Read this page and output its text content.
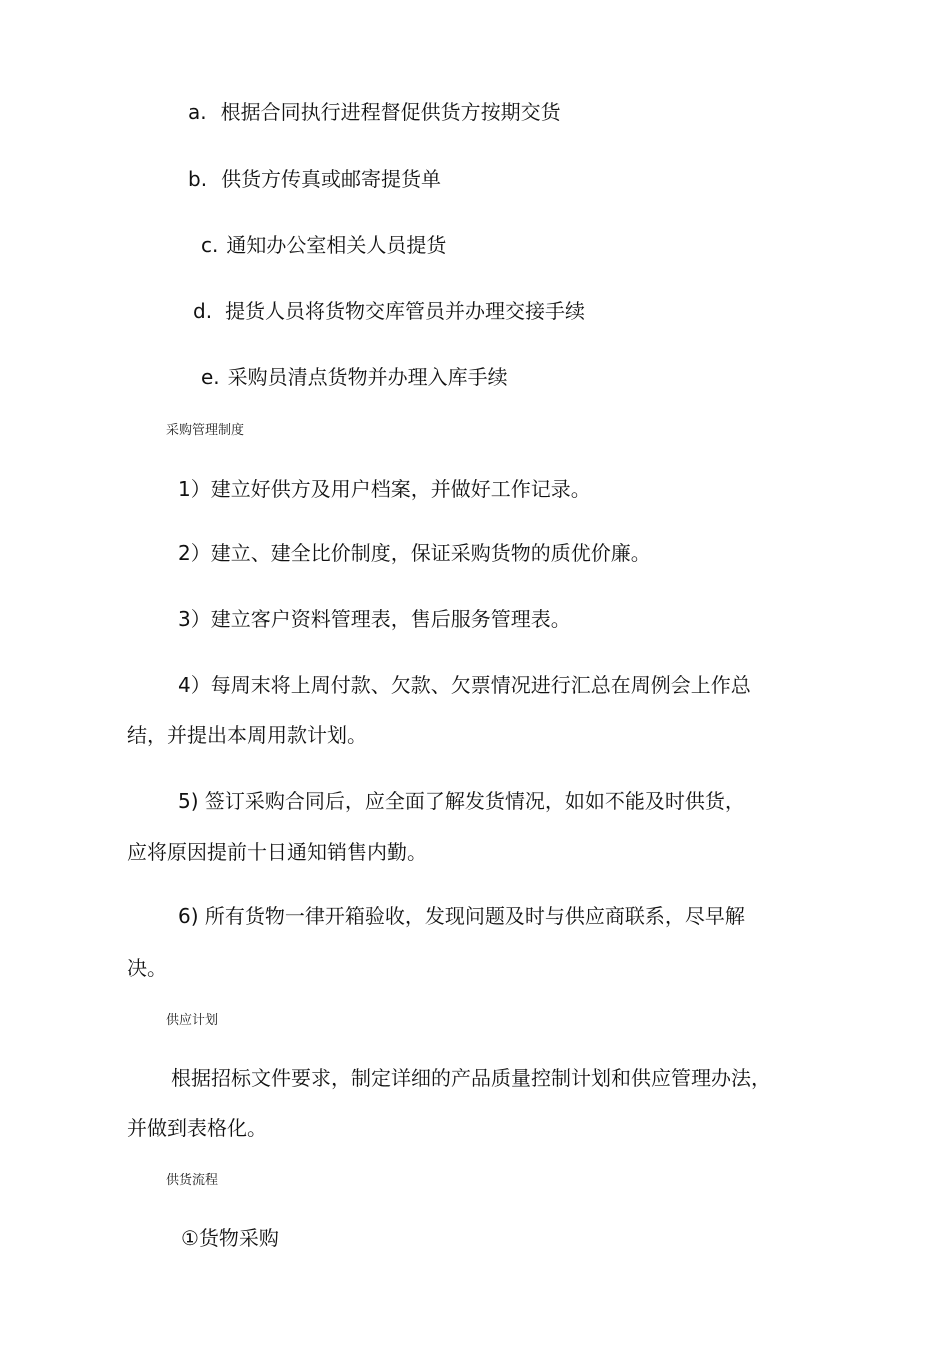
a. 根据合同执行进程督促供货方按期交货
b. 供货方传真或邮寄提货单
c. 通知办公室相关人员提货
d. 提货人员将货物交库管员并办理交接手续
e. 采购员清点货物并办理入库手续
采购管理制度
1）建立好供方及用户档案，并做好工作记录。
2）建立、建全比价制度，保证采购货物的质优价廉。
3）建立客户资料管理表，售后服务管理表。
4）每周末将上周付款、欠款、欠票情况进行汇总在周例会上作总
结，并提出本周用款计划。
5) 签订采购合同后，应全面了解发货情况，如如不能及时供货，
应将原因提前十日通知销售内勤。
6) 所有货物一律开箱验收，发现问题及时与供应商联系，尽早解
决。
供应计划
根据招标文件要求，制定详细的产品质量控制计划和供应管理办法，
并做到表格化。
供货流程
①货物采购
